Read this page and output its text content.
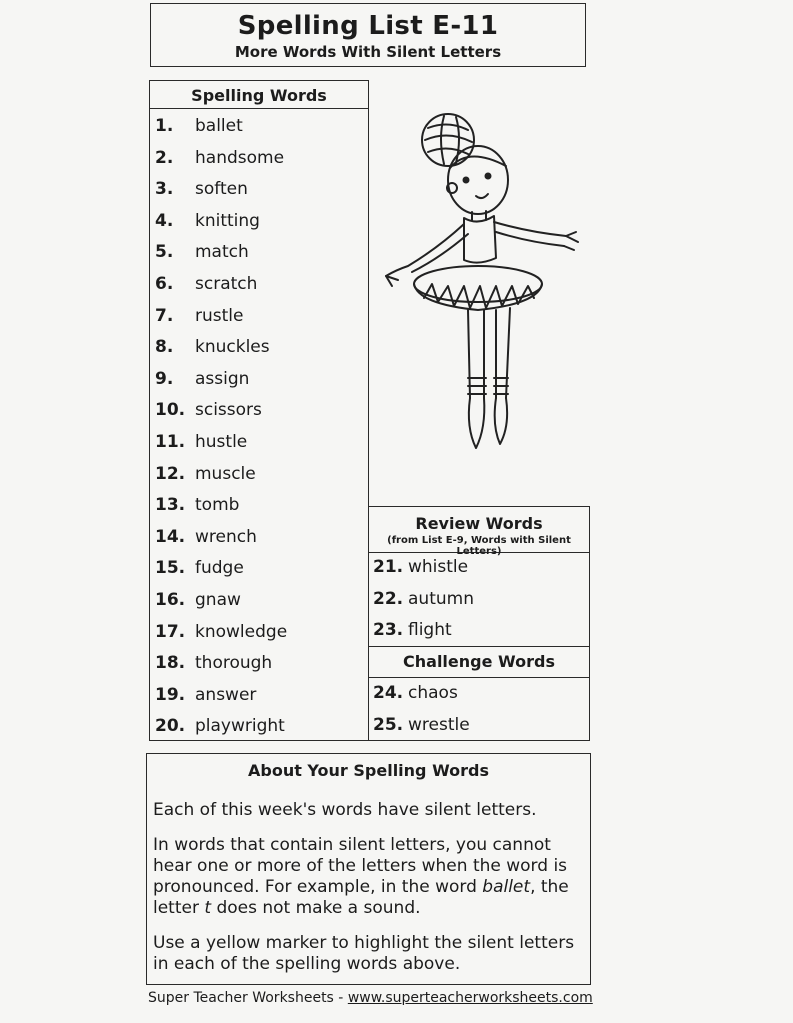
Spelling List E-11
More Words With Silent Letters
Spelling Words
1. ballet
2. handsome
3. soften
4. knitting
5. match
6. scratch
7. rustle
8. knuckles
9. assign
10. scissors
11. hustle
12. muscle
13. tomb
14. wrench
15. fudge
16. gnaw
17. knowledge
18. thorough
19. answer
20. playwright
Review Words
(from List E-9, Words with Silent Letters)
21. whistle
22. autumn
23. flight
Challenge Words
24. chaos
25. wrestle
About Your Spelling Words

Each of this week's words have silent letters.

In words that contain silent letters, you cannot hear one or more of the letters when the word is pronounced. For example, in the word ballet, the letter t does not make a sound.

Use a yellow marker to highlight the silent letters in each of the spelling words above.

Super Teacher Worksheets - www.superteacherworksheets.com
